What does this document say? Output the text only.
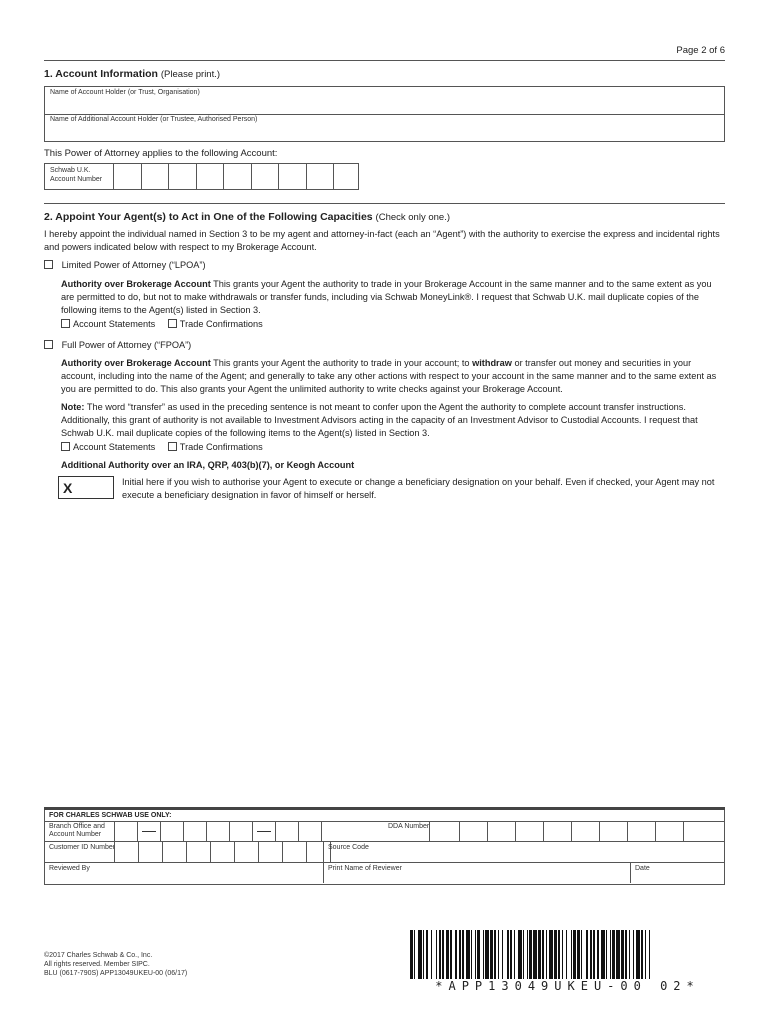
Page 2 of 6
1. Account Information (Please print.)
Name of Account Holder (or Trust, Organisation)
Name of Additional Account Holder (or Trustee, Authorised Person)
This Power of Attorney applies to the following Account:
Schwab U.K.
Account Number
2. Appoint Your Agent(s) to Act in One of the Following Capacities (Check only one.)
I hereby appoint the individual named in Section 3 to be my agent and attorney-in-fact (each an “Agent”) with the authority to exercise the express and incidental rights and powers indicated below with respect to my Brokerage Account.
Limited Power of Attorney (“LPOA”)
Authority over Brokerage Account This grants your Agent the authority to trade in your Brokerage Account in the same manner and to the same extent as you are permitted to do, but not to make withdrawals or transfer funds, including via Schwab MoneyLink®. I request that Schwab U.K. mail duplicate copies of the following items to the Agent(s) listed in Section 3.
Account Statements	Trade Confirmations
Full Power of Attorney (“FPOA”)
Authority over Brokerage Account This grants your Agent the authority to trade in your account; to withdraw or transfer out money and securities in your account, including into the name of the Agent; and generally to take any other actions with respect to your account in the same manner and to the same extent as you are permitted to do. This also grants your Agent the unlimited authority to write checks against your Brokerage Account.
Note: The word “transfer” as used in the preceding sentence is not meant to confer upon the Agent the authority to complete account transfer instructions. Additionally, this grant of authority is not available to Investment Advisors acting in the capacity of an Investment Advisor to Custodial Accounts. I request that Schwab U.K. mail duplicate copies of the following items to the Agent(s) listed in Section 3.
Account Statements	Trade Confirmations
Additional Authority over an IRA, QRP, 403(b)(7), or Keogh Account
X	Initial here if you wish to authorise your Agent to execute or change a beneficiary designation on your behalf. Even if checked, your Agent may not execute a beneficiary designation in favor of himself or herself.
FOR CHARLES SCHWAB USE ONLY:
Branch Office and
Account Number
DDA Number
Customer ID Number	Source Code
Reviewed By	Print Name of Reviewer	Date
©2017 Charles Schwab & Co., Inc.
All rights reserved. Member SIPC.
BLU (0617-790S) APP13049UKEU-00 (06/17)
*APP13049UKEU-00 02*
